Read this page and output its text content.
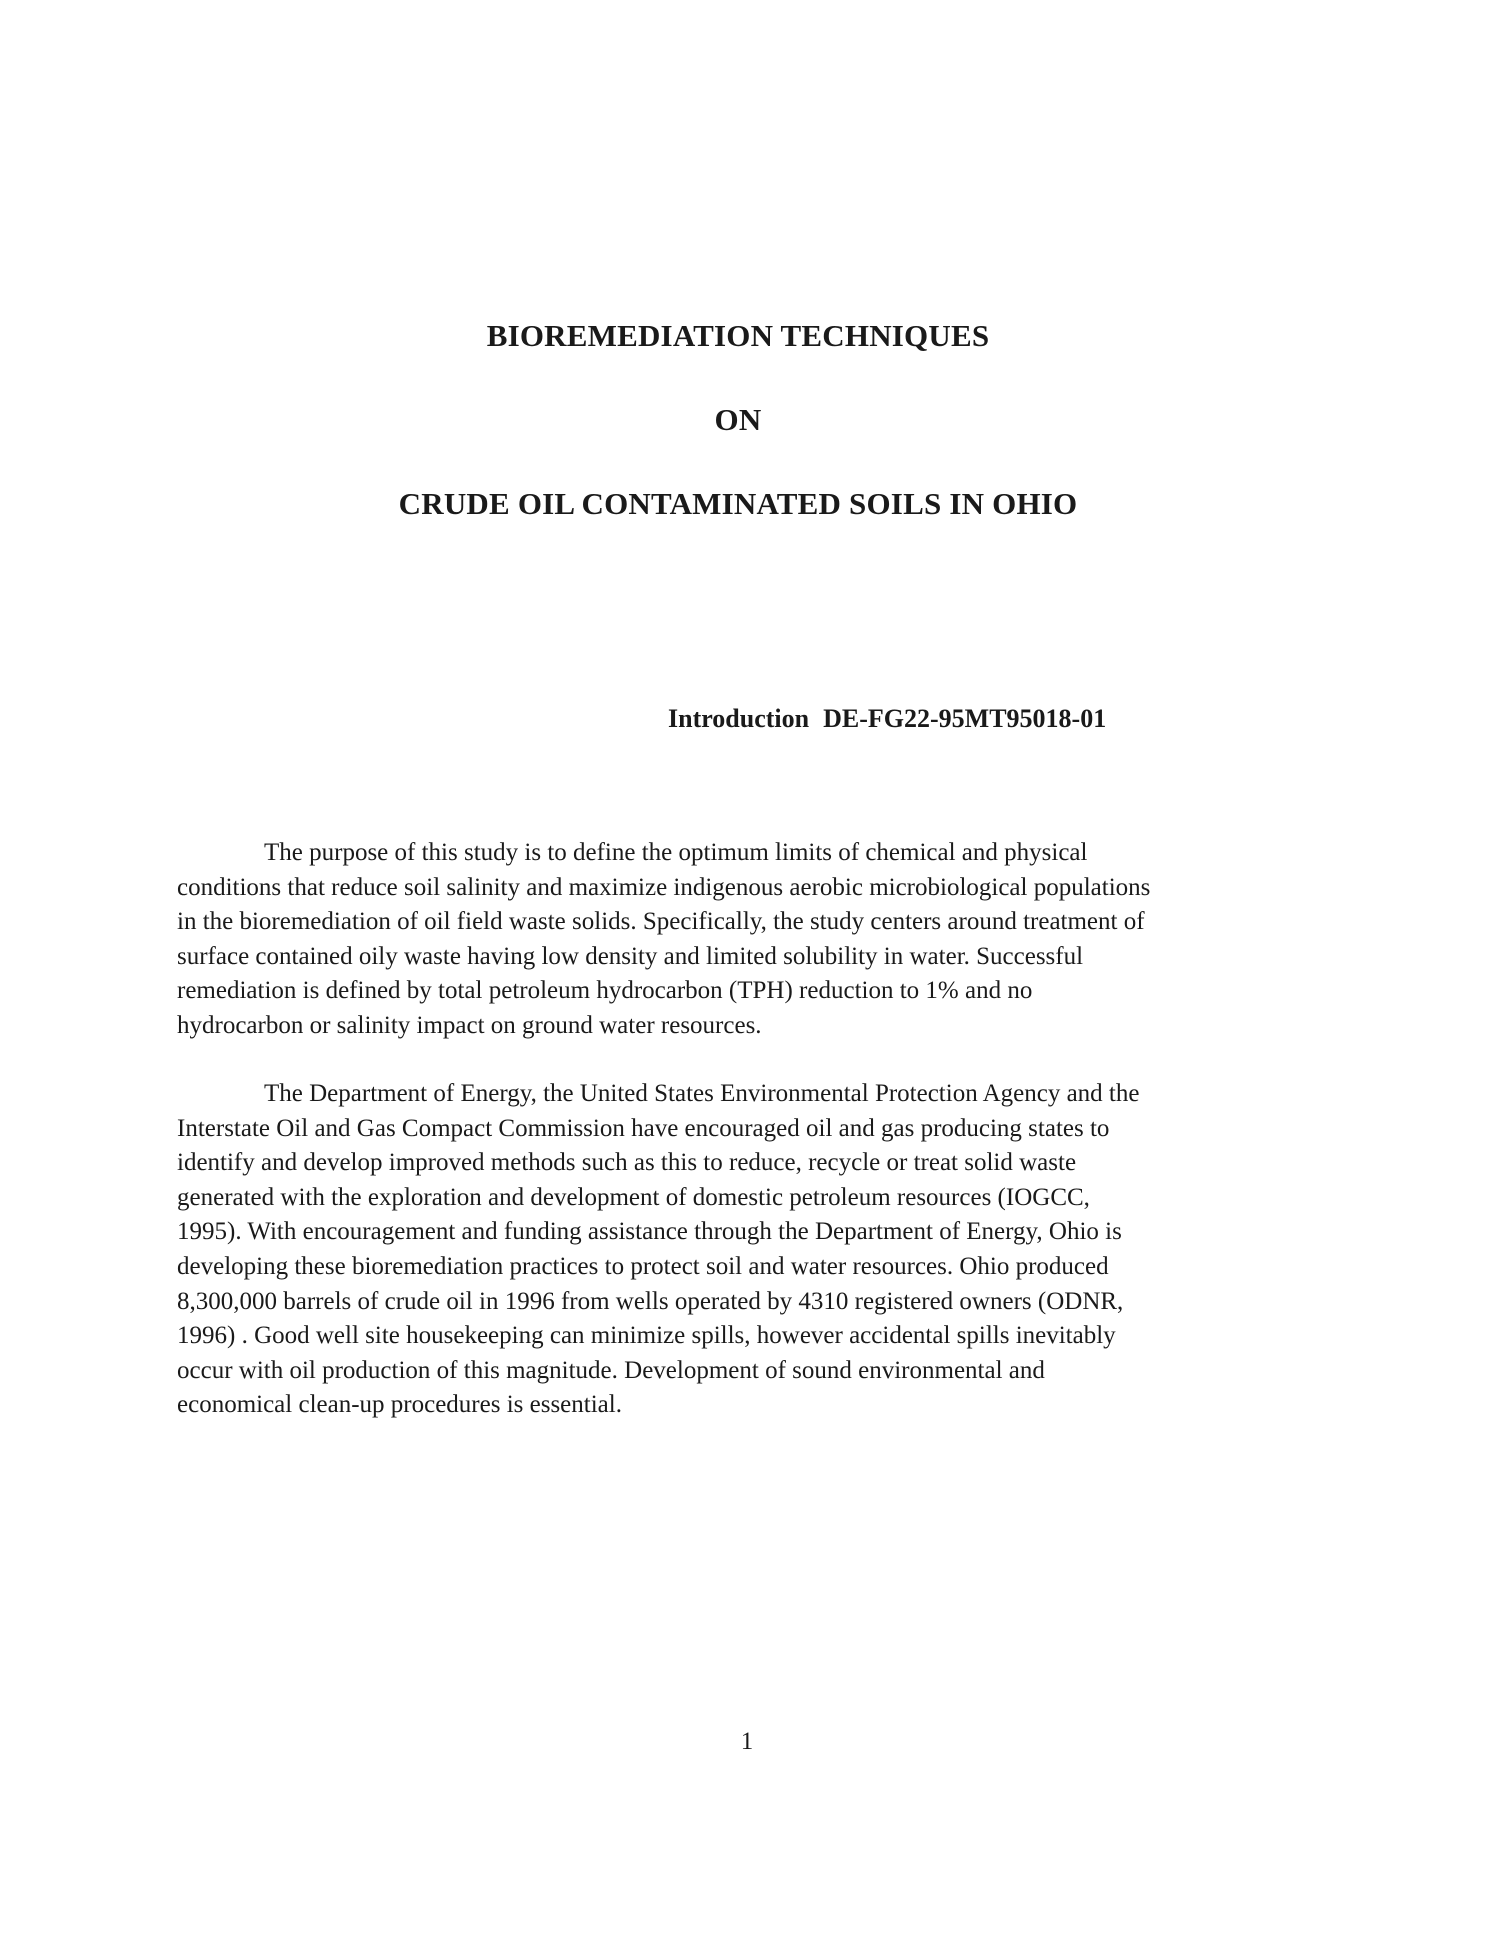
BIOREMEDIATION TECHNIQUES
ON
CRUDE OIL CONTAMINATED SOILS IN OHIO
Introduction DE-FG22-95MT95018-01

The purpose of this study is to define the optimum limits of chemical and physical
conditions that reduce soil salinity and maximize indigenous aerobic microbiological populations
in the bioremediation of oil field waste solids. Specifically, the study centers around treatment of
surface contained oily waste having low density and limited solubility in water. Successful
remediation is defined by total petroleum hydrocarbon (TPH) reduction to 1% and no
hydrocarbon or salinity impact on ground water resources.

The Department of Energy, the United States Environmental Protection Agency and the
Interstate Oil and Gas Compact Commission have encouraged oil and gas producing states to
identify and develop improved methods such as this to reduce, recycle or treat solid waste
generated with the exploration and development of domestic petroleum resources (IOGCC,
1995). With encouragement and funding assistance through the Department of Energy, Ohio is
developing these bioremediation practices to protect soil and water resources. Ohio produced
8,300,000 barrels of crude oil in 1996 from wells operated by 4310 registered owners (ODNR,
1996) . Good well site housekeeping can minimize spills, however accidental spills inevitably
occur with oil production of this magnitude. Development of sound environmental and
economical clean-up procedures is essential.

1
